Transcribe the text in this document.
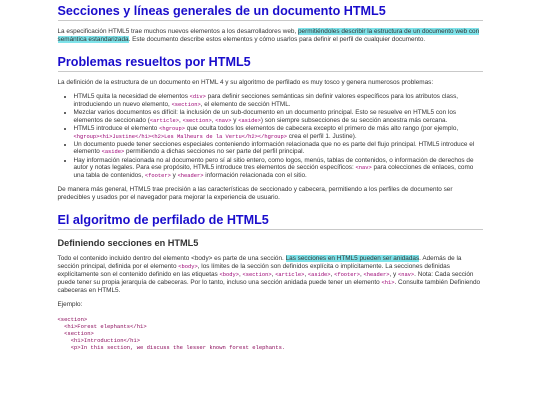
Secciones y líneas generales de un documento HTML5

La especificación HTML5 trae muchos nuevos elementos a los desarrolladores web, permitiéndoles describir la estructura de un documento web con semántica estandarizada. Este documento describe estos elementos y cómo usarlos para definir el perfil de cualquier documento.

Problemas resueltos por HTML5

La definición de la estructura de un documento en HTML 4 y su algoritmo de perfilado es muy tosco y genera numerosos problemas:

• HTML5 quita la necesidad de elementos <div> para definir secciones semánticas sin definir valores específicos para los atributos class, introduciendo un nuevo elemento, <section>, el elemento de sección HTML.
• Mezclar varios documentos es difícil: la inclusión de un sub-documento en un documento principal. Esto se resuelve en HTML5 con los elementos de seccionado (<article>, <section>, <nav> y <aside>) son siempre subsecciones de su sección ancestra más cercana.
• HTML5 introduce el elemento <hgroup> que oculta todos los elementos de cabecera excepto el primero de más alto rango (por ejemplo, <hgroup><h1>Justine</h1><h2>Les Malheurs de la Vertu</h2></hgroup> crea el perfil 1. Justine).
• Un documento puede tener secciones especiales conteniendo información relacionada que no es parte del flujo principal. HTML5 introduce el elemento <aside> permitiendo a dichas secciones no ser parte del perfil principal.
• Hay información relacionada no al documento pero sí al sitio entero, como logos, menús, tablas de contenidos, o información de derechos de autor y notas legales. Para ese propósito, HTML5 introduce tres elementos de sección específicos: <nav> para colecciones de enlaces, como una tabla de contenidos, <footer> y <header> información relacionada con el sitio.

De manera más general, HTML5 trae precisión a las características de seccionado y cabecera, permitiendo a los perfiles de documento ser predecibles y usados por el navegador para mejorar la experiencia de usuario.

El algoritmo de perfilado de HTML5
Definiendo secciones en HTML5

Todo el contenido incluido dentro del elemento <body> es parte de una sección. Las secciones en HTML5 pueden ser anidadas. Además de la sección principal, definida por el elemento <body>, los límites de la sección son definidos explícita o implícitamente. La secciones definidas explícitamente son el contenido definido en las etiquetas <body>, <section>, <article>, <aside>, <footer>, <header>, y <nav>. Nota: Cada sección puede tener su propia jerarquía de cabeceras. Por lo tanto, incluso una sección anidada puede tener un elemento <h1>. Consulte también Definiendo cabeceras en HTML5.

Ejemplo:

<section>
<h1>Forest elephants</h1>
<section>
<h1>Introduction</h1>
<p>In this section, we discuss the lesser known forest elephants.
